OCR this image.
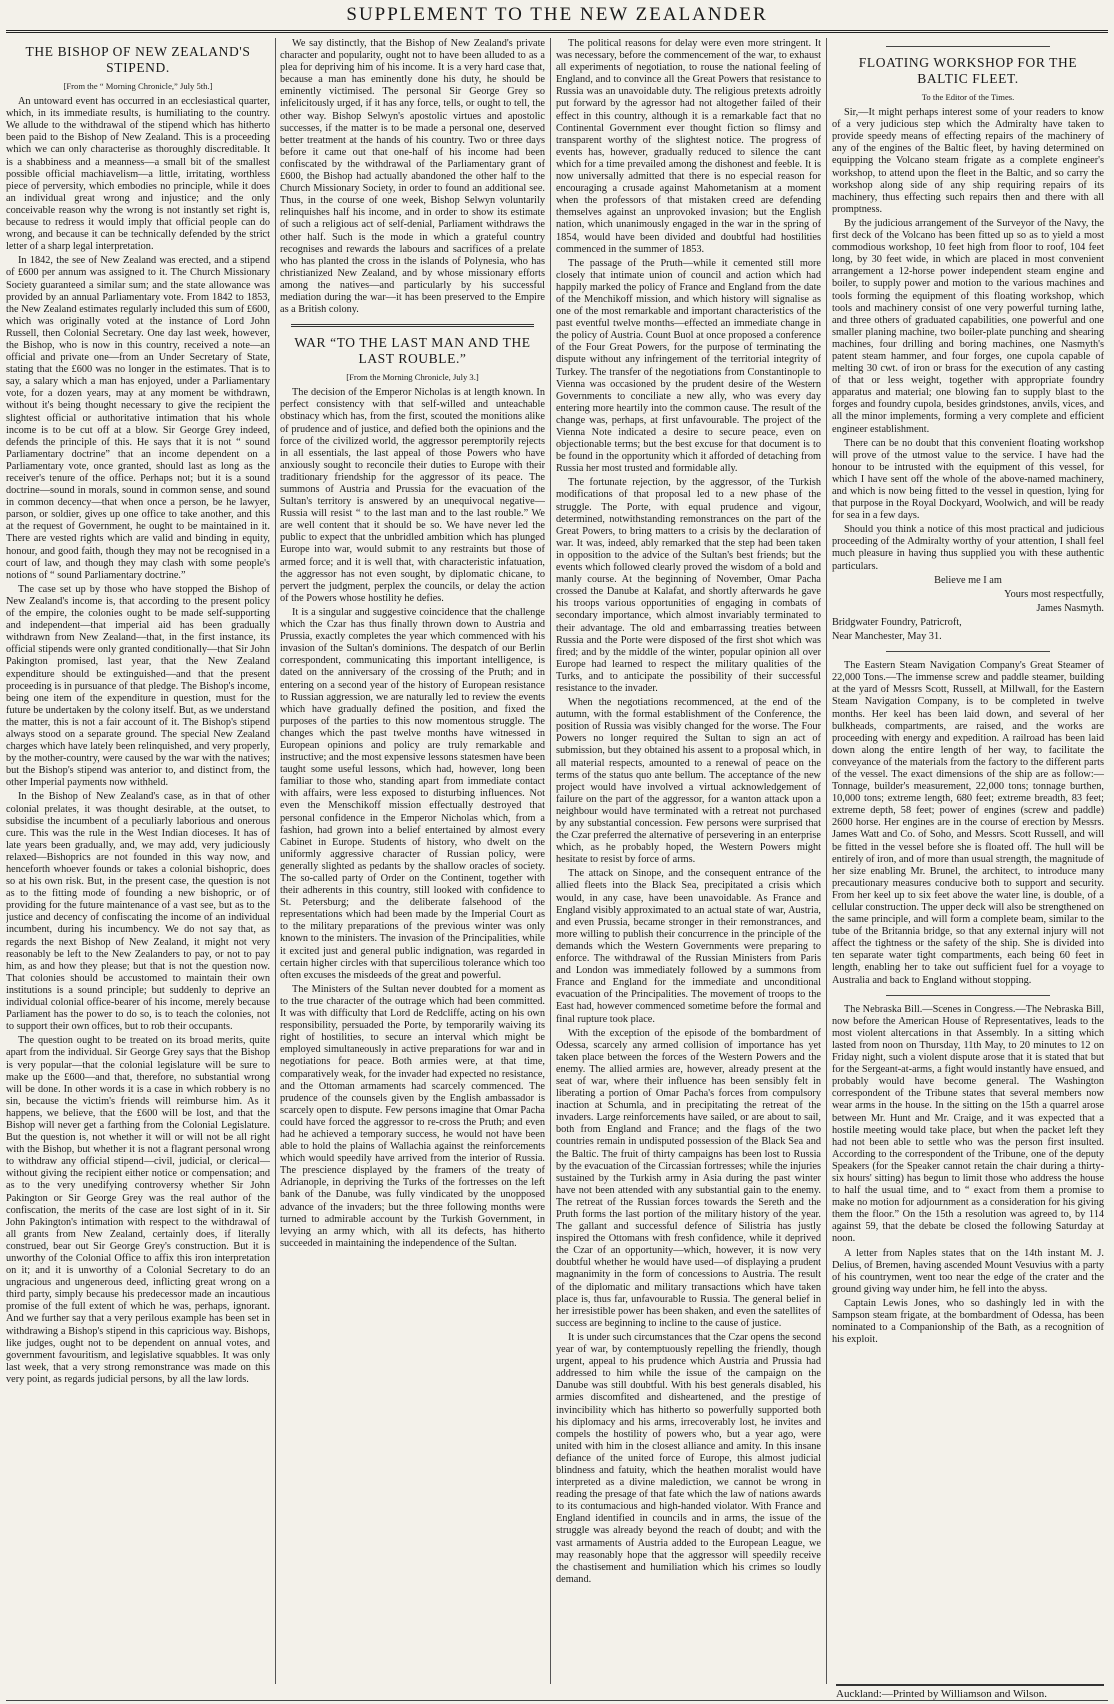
SUPPLEMENT TO THE NEW ZEALANDER
THE BISHOP OF NEW ZEALAND'S STIPEND.
[From the “ Morning Chronicle,” July 5th.]

An untoward event has occurred in an ecclesiastical quarter, which, in its immediate results, is humiliating to the country. We allude to the withdrawal of the stipend which has hitherto been paid to the Bishop of New Zealand. This is a proceeding which we can only characterise as thoroughly discreditable. It is a shabbiness and a meanness—a small bit of the smallest possible official machiavelism—a little, irritating, worthless piece of perversity, which embodies no principle, while it does an individual great wrong and injustice; and the only conceivable reason why the wrong is not instantly set right is, because to redress it would imply that official people can do wrong, and because it can be technically defended by the strict letter of a sharp legal interpretation.

In 1842, the see of New Zealand was erected, and a stipend of £600 per annum was assigned to it. The Church Missionary Society guaranteed a similar sum; and the state allowance was provided by an annual Parliamentary vote. From 1842 to 1853, the New Zealand estimates regularly included this sum of £600, which was originally voted at the instance of Lord John Russell, then Colonial Secretary. One day last week, however, the Bishop, who is now in this country, received a note—an official and private one—from an Under Secretary of State, stating that the £600 was no longer in the estimates. That is to say, a salary which a man has enjoyed, under a Parliamentary vote, for a dozen years, may at any moment be withdrawn, without it's being thought necessary to give the recipient the slightest official or authoritative intimation that his whole income is to be cut off at a blow. Sir George Grey indeed, defends the principle of this. He says that it is not “ sound Parliamentary doctrine” that an income dependent on a Parliamentary vote, once granted, should last as long as the receiver's tenure of the office. Perhaps not; but it is a sound doctrine—sound in morals, sound in common sense, and sound in common decency—that when once a person, be he lawyer, parson, or soldier, gives up one office to take another, and this at the request of Government, he ought to be maintained in it. There are vested rights which are valid and binding in equity, honour, and good faith, though they may not be recognised in a court of law, and though they may clash with some people's notions of “ sound Parliamentary doctrine.”

The case set up by those who have stopped the Bishop of New Zealand's income is, that according to the present policy of the empire, the colonies ought to be made self-supporting and independent—that imperial aid has been gradually withdrawn from New Zealand—that, in the first instance, its official stipends were only granted conditionally—that Sir John Pakington promised, last year, that the New Zealand expenditure should be extinguished—and that the present proceeding is in pursuance of that pledge. The Bishop's income, being one item of the expenditure in question, must for the future be undertaken by the colony itself. But, as we understand the matter, this is not a fair account of it. The Bishop's stipend always stood on a separate ground. The special New Zealand charges which have lately been relinquished, and very properly, by the mother-country, were caused by the war with the natives; but the Bishop's stipend was anterior to, and distinct from, the other Imperial payments now withheld.

In the Bishop of New Zealand's case, as in that of other colonial prelates, it was thought desirable, at the outset, to subsidise the incumbent of a peculiarly laborious and onerous cure. This was the rule in the West Indian dioceses. It has of late years been gradually, and, we may add, very judiciously relaxed—Bishoprics are not founded in this way now, and henceforth whoever founds or takes a colonial bishopric, does so at his own risk. But, in the present case, the question is not as to the fitting mode of founding a new bishopric, or of providing for the future maintenance of a vast see, but as to the justice and decency of confiscating the income of an individual incumbent, during his incumbency. We do not say that, as regards the next Bishop of New Zealand, it might not very reasonably be left to the New Zealanders to pay, or not to pay him, as and how they please; but that is not the question now. That colonies should be accustomed to maintain their own institutions is a sound principle; but suddenly to deprive an individual colonial office-bearer of his income, merely because Parliament has the power to do so, is to teach the colonies, not to support their own offices, but to rob their occupants.

The question ought to be treated on its broad merits, quite apart from the individual. Sir George Grey says that the Bishop is very popular—that the colonial legislature will be sure to make up the £600—and that, therefore, no substantial wrong will be done. In other words it is a case in which robbery is no sin, because the victim's friends will reimburse him. As it happens, we believe, that the £600 will be lost, and that the Bishop will never get a farthing from the Colonial Legislature. But the question is, not whether it will or will not be all right with the Bishop, but whether it is not a flagrant personal wrong to withdraw any official stipend—civil, judicial, or clerical—without giving the recipient either notice or compensation; and as to the very unedifying controversy whether Sir John Pakington or Sir George Grey was the real author of the confiscation, the merits of the case are lost sight of in it. Sir John Pakington's intimation with respect to the withdrawal of all grants from New Zealand, certainly does, if literally construed, bear out Sir George Grey's construction. But it is unworthy of the Colonial Office to affix this iron interpretation on it; and it is unworthy of a Colonial Secretary to do an ungracious and ungenerous deed, inflicting great wrong on a third party, simply because his predecessor made an incautious promise of the full extent of which he was, perhaps, ignorant. And we further say that a very perilous example has been set in withdrawing a Bishop's stipend in this capricious way. Bishops, like judges, ought not to be dependent on annual votes, and government favouritism, and legislative squabbles. It was only last week, that a very strong remonstrance was made on this very point, as regards judicial persons, by all the law lords.

We say distinctly, that the Bishop of New Zealand's private character and popularity, ought not to have been alluded to as a plea for depriving him of his income. It is a very hard case that, because a man has eminently done his duty, he should be eminently victimised. The personal Sir George Grey so infelicitously urged, if it has any force, tells, or ought to tell, the other way. Bishop Selwyn's apostolic virtues and apostolic successes, if the matter is to be made a personal one, deserved better treatment at the hands of his country. Two or three days before it came out that one-half of his income had been confiscated by the withdrawal of the Parliamentary grant of £600, the Bishop had actually abandoned the other half to the Church Missionary Society, in order to found an additional see. Thus, in the course of one week, Bishop Selwyn voluntarily relinquishes half his income, and in order to show its estimate of such a religious act of self-denial, Parliament withdraws the other half. Such is the mode in which a grateful country recognises and rewards the labours and sacrifices of a prelate who has planted the cross in the islands of Polynesia, who has christianized New Zealand, and by whose missionary efforts among the natives—and particularly by his successful mediation during the war—it has been preserved to the Empire as a British colony.

WAR “TO THE LAST MAN AND THE LAST ROUBLE.”
[From the Morning Chronicle, July 3.]

The decision of the Emperor Nicholas is at length known. In perfect consistency with that self-willed and unteachable obstinacy which has, from the first, scouted the monitions alike of prudence and of justice, and defied both the opinions and the force of the civilized world, the aggressor peremptorily rejects in all essentials, the last appeal of those Powers who have anxiously sought to reconcile their duties to Europe with their traditionary friendship for the aggressor of its peace. The summons of Austria and Prussia for the evacuation of the Sultan's territory is answered by an unequivocal negative—Russia will resist “ to the last man and to the last rouble.” We are well content that it should be so. We have never led the public to expect that the unbridled ambition which has plunged Europe into war, would submit to any restraints but those of armed force; and it is well that, with characteristic infatuation, the aggressor has not even sought, by diplomatic chicane, to pervert the judgment, perplex the councils, or delay the action of the Powers whose hostility he defies.

It is a singular and suggestive coincidence that the challenge which the Czar has thus finally thrown down to Austria and Prussia, exactly completes the year which commenced with his invasion of the Sultan's dominions. The despatch of our Berlin correspondent, communicating this important intelligence, is dated on the anniversary of the crossing of the Pruth; and in entering on a second year of the history of European resistance to Russian aggression, we are naturally led to review the events which have gradually defined the position, and fixed the purposes of the parties to this now momentous struggle. The changes which the past twelve months have witnessed in European opinions and policy are truly remarkable and instructive; and the most expensive lessons statesmen have been taught some useful lessons, which had, however, long been familiar to those who, standing apart from immediate contact with affairs, were less exposed to disturbing influences. Not even the Menschikoff mission effectually destroyed that personal confidence in the Emperor Nicholas which, from a fashion, had grown into a belief entertained by almost every Cabinet in Europe. Students of history, who dwelt on the uniformly aggressive character of Russian policy, were generally slighted as pedants by the shallow oracles of society. The so-called party of Order on the Continent, together with their adherents in this country, still looked with confidence to St. Petersburg; and the deliberate falsehood of the representations which had been made by the Imperial Court as to the military preparations of the previous winter was only known to the ministers. The invasion of the Principalities, while it excited just and general public indignation, was regarded in certain higher circles with that supercilious tolerance which too often excuses the misdeeds of the great and powerful.

The Ministers of the Sultan never doubted for a moment as to the true character of the outrage which had been committed. It was with difficulty that Lord de Redcliffe, acting on his own responsibility, persuaded the Porte, by temporarily waiving its right of hostilities, to secure an interval which might be employed simultaneously in active preparations for war and in negotiations for peace. Both armies were, at that time, comparatively weak, for the invader had expected no resistance, and the Ottoman armaments had scarcely commenced. The prudence of the counsels given by the English ambassador is scarcely open to dispute. Few persons imagine that Omar Pacha could have forced the aggressor to re-cross the Pruth; and even had he achieved a temporary success, he would not have been able to hold the plains of Wallachia against the reinforcements which would speedily have arrived from the interior of Russia. The prescience displayed by the framers of the treaty of Adrianople, in depriving the Turks of the fortresses on the left bank of the Danube, was fully vindicated by the unopposed advance of the invaders; but the three following months were turned to admirable account by the Turkish Government, in levying an army which, with all its defects, has hitherto succeeded in maintaining the independence of the Sultan.

The political reasons for delay were even more stringent. It was necessary, before the commencement of the war, to exhaust all experiments of negotiation, to rouse the national feeling of England, and to convince all the Great Powers that resistance to Russia was an unavoidable duty. The religious pretexts adroitly put forward by the agressor had not altogether failed of their effect in this country, although it is a remarkable fact that no Continental Government ever thought fiction so flimsy and transparent worthy of the slightest notice. The progress of events has, however, gradually reduced to silence the cant which for a time prevailed among the dishonest and feeble. It is now universally admitted that there is no especial reason for encouraging a crusade against Mahometanism at a moment when the professors of that mistaken creed are defending themselves against an unprovoked invasion; but the English nation, which unanimously engaged in the war in the spring of 1854, would have been divided and doubtful had hostilities commenced in the summer of 1853.

The passage of the Pruth—while it cemented still more closely that intimate union of council and action which had happily marked the policy of France and England from the date of the Menchikoff mission, and which history will signalise as one of the most remarkable and important characteristics of the past eventful twelve months—effected an immediate change in the policy of Austria. Count Buol at once proposed a conference of the Four Great Powers, for the purpose of terminating the dispute without any infringement of the territorial integrity of Turkey. The transfer of the negotiations from Constantinople to Vienna was occasioned by the prudent desire of the Western Governments to conciliate a new ally, who was every day entering more heartily into the common cause. The result of the change was, perhaps, at first unfavourable. The project of the Vienna Note indicated a desire to secure peace, even on objectionable terms; but the best excuse for that document is to be found in the opportunity which it afforded of detaching from Russia her most trusted and formidable ally.

The fortunate rejection, by the aggressor, of the Turkish modifications of that proposal led to a new phase of the struggle. The Porte, with equal prudence and vigour, determined, notwithstanding remonstrances on the part of the Great Powers, to bring matters to a crisis by the declaration of war. It was, indeed, ably remarked that the step had been taken in opposition to the advice of the Sultan's best friends; but the events which followed clearly proved the wisdom of a bold and manly course. At the beginning of November, Omar Pacha crossed the Danube at Kalafat, and shortly afterwards he gave his troops various opportunities of engaging in combats of secondary importance, which almost invariably terminated to their advantage. The old and embarrassing treaties between Russia and the Porte were disposed of the first shot which was fired; and by the middle of the winter, popular opinion all over Europe had learned to respect the military qualities of the Turks, and to anticipate the possibility of their successful resistance to the invader.

When the negotiations recommenced, at the end of the autumn, with the formal establishment of the Conference, the position of Russia was visibly changed for the worse. The Four Powers no longer required the Sultan to sign an act of submission, but they obtained his assent to a proposal which, in all material respects, amounted to a renewal of peace on the terms of the status quo ante bellum. The acceptance of the new project would have involved a virtual acknowledgement of failure on the part of the aggressor, for a wanton attack upon a neighbour would have terminated with a retreat not purchased by any substantial concession. Few persons were surprised that the Czar preferred the alternative of persevering in an enterprise which, as he probably hoped, the Western Powers might hesitate to resist by force of arms.

The attack on Sinope, and the consequent entrance of the allied fleets into the Black Sea, precipitated a crisis which would, in any case, have been unavoidable. As France and England visibly approximated to an actual state of war, Austria, and even Prussia, became stronger in their remonstrances, and more willing to publish their concurrence in the principle of the demands which the Western Governments were preparing to enforce. The withdrawal of the Russian Ministers from Paris and London was immediately followed by a summons from France and England for the immediate and unconditional evacuation of the Principalities. The movement of troops to the East had, however commenced sometime before the formal and final rupture took place.

With the exception of the episode of the bombardment of Odessa, scarcely any armed collision of importance has yet taken place between the forces of the Western Powers and the enemy. The allied armies are, however, already present at the seat of war, where their influence has been sensibly felt in liberating a portion of Omar Pacha's forces from compulsory inaction at Schumla, and in precipitating the retreat of the invaders. Large reinforcements have sailed, or are about to sail, both from England and France; and the flags of the two countries remain in undisputed possession of the Black Sea and the Baltic. The fruit of thirty campaigns has been lost to Russia by the evacuation of the Circassian fortresses; while the injuries sustained by the Turkish army in Asia during the past winter have not been attended with any substantial gain to the enemy. The retreat of the Russian forces towards the Sereth and the Pruth forms the last portion of the military history of the year. The gallant and successful defence of Silistria has justly inspired the Ottomans with fresh confidence, while it deprived the Czar of an opportunity—which, however, it is now very doubtful whether he would have used—of displaying a prudent magnanimity in the form of concessions to Austria. The result of the diplomatic and military transactions which have taken place is, thus far, unfavourable to Russia. The general belief in her irresistible power has been shaken, and even the satellites of success are beginning to incline to the cause of justice.

It is under such circumstances that the Czar opens the second year of war, by contemptuously repelling the friendly, though urgent, appeal to his prudence which Austria and Prussia had addressed to him while the issue of the campaign on the Danube was still doubtful. With his best generals disabled, his armies discomfited and disheartened, and the prestige of invincibility which has hitherto so powerfully supported both his diplomacy and his arms, irrecoverably lost, he invites and compels the hostility of powers who, but a year ago, were united with him in the closest alliance and amity. In this insane defiance of the united force of Europe, this almost judicial blindness and fatuity, which the heathen moralist would have interpreted as a divine malediction, we cannot be wrong in reading the presage of that fate which the law of nations awards to its contumacious and high-handed violator. With France and England identified in councils and in arms, the issue of the struggle was already beyond the reach of doubt; and with the vast armaments of Austria added to the European League, we may reasonably hope that the aggressor will speedily receive the chastisement and humiliation which his crimes so loudly demand.

FLOATING WORKSHOP FOR THE BALTIC FLEET.
To the Editor of the Times.

Sir,—It might perhaps interest some of your readers to know of a very judicious step which the Admiralty have taken to provide speedy means of effecting repairs of the machinery of any of the engines of the Baltic fleet, by having determined on equipping the Volcano steam frigate as a complete engineer's workshop, to attend upon the fleet in the Baltic, and so carry the workshop along side of any ship requiring repairs of its machinery, thus effecting such repairs then and there with all promptness.

By the judicious arrangement of the Surveyor of the Navy, the first deck of the Volcano has been fitted up so as to yield a most commodious workshop, 10 feet high from floor to roof, 104 feet long, by 30 feet wide, in which are placed in most convenient arrangement a 12-horse power independent steam engine and boiler, to supply power and motion to the various machines and tools forming the equipment of this floating workshop, which tools and machinery consist of one very powerful turning lathe, and three others of graduated capabilities, one powerful and one smaller planing machine, two boiler-plate punching and shearing machines, four drilling and boring machines, one Nasmyth's patent steam hammer, and four forges, one cupola capable of melting 30 cwt. of iron or brass for the execution of any casting of that or less weight, together with appropriate foundry apparatus and material; one blowing fan to supply blast to the forges and foundry cupola, besides grindstones, anvils, vices, and all the minor implements, forming a very complete and efficient engineer establishment.

There can be no doubt that this convenient floating workshop will prove of the utmost value to the service. I have had the honour to be intrusted with the equipment of this vessel, for which I have sent off the whole of the above-named machinery, and which is now being fitted to the vessel in question, lying for that purpose in the Royal Dockyard, Woolwich, and will be ready for sea in a few days.

Should you think a notice of this most practical and judicious proceeding of the Admiralty worthy of your attention, I shall feel much pleasure in having thus supplied you with these authentic particulars.

Believe me I am

Yours most respectfully,

James Nasmyth.

Bridgwater Foundry, Patricroft,

Near Manchester, May 31.

The Eastern Steam Navigation Company's Great Steamer of 22,000 Tons.—The immense screw and paddle steamer, building at the yard of Messrs Scott, Russell, at Millwall, for the Eastern Steam Navigation Company, is to be completed in twelve months. Her keel has been laid down, and several of her bulkheads, compartments, are raised, and the works are proceeding with energy and expedition. A railroad has been laid down along the entire length of her way, to facilitate the conveyance of the materials from the factory to the different parts of the vessel. The exact dimensions of the ship are as follow:—Tonnage, builder's measurement, 22,000 tons; tonnage burthen, 10,000 tons; extreme length, 680 feet; extreme breadth, 83 feet; extreme depth, 58 feet; power of engines (screw and paddle) 2600 horse. Her engines are in the course of erection by Messrs. James Watt and Co. of Soho, and Messrs. Scott Russell, and will be fitted in the vessel before she is floated off. The hull will be entirely of iron, and of more than usual strength, the magnitude of her size enabling Mr. Brunel, the architect, to introduce many precautionary measures conducive both to support and security. From her keel up to six feet above the water line, is double, of a cellular construction. The upper deck will also be strengthened on the same principle, and will form a complete beam, similar to the tube of the Britannia bridge, so that any external injury will not affect the tightness or the safety of the ship. She is divided into ten separate water tight compartments, each being 60 feet in length, enabling her to take out sufficient fuel for a voyage to Australia and back to England without stopping.

The Nebraska Bill.—Scenes in Congress.—The Nebraska Bill, now before the American House of Representatives, leads to the most violent altercations in that Assembly. In a sitting which lasted from noon on Thursday, 11th May, to 20 minutes to 12 on Friday night, such a violent dispute arose that it is stated that but for the Sergeant-at-arms, a fight would instantly have ensued, and probably would have become general. The Washington correspondent of the Tribune states that several members now wear arms in the house. In the sitting on the 15th a quarrel arose between Mr. Hunt and Mr. Craige, and it was expected that a hostile meeting would take place, but when the packet left they had not been able to settle who was the person first insulted. According to the correspondent of the Tribune, one of the deputy Speakers (for the Speaker cannot retain the chair during a thirty-six hours' sitting) has begun to limit those who address the house to half the usual time, and to “ exact from them a promise to make no motion for adjournment as a consideration for his giving them the floor.” On the 15th a resolution was agreed to, by 114 against 59, that the debate be closed the following Saturday at noon.

A letter from Naples states that on the 14th instant M. J. Delius, of Bremen, having ascended Mount Vesuvius with a party of his countrymen, went too near the edge of the crater and the ground giving way under him, he fell into the abyss.

Captain Lewis Jones, who so dashingly led in with the Sampson steam frigate, at the bombardment of Odessa, has been nominated to a Companionship of the Bath, as a recognition of his exploit.

Auckland:—Printed by Williamson and Wilson.
